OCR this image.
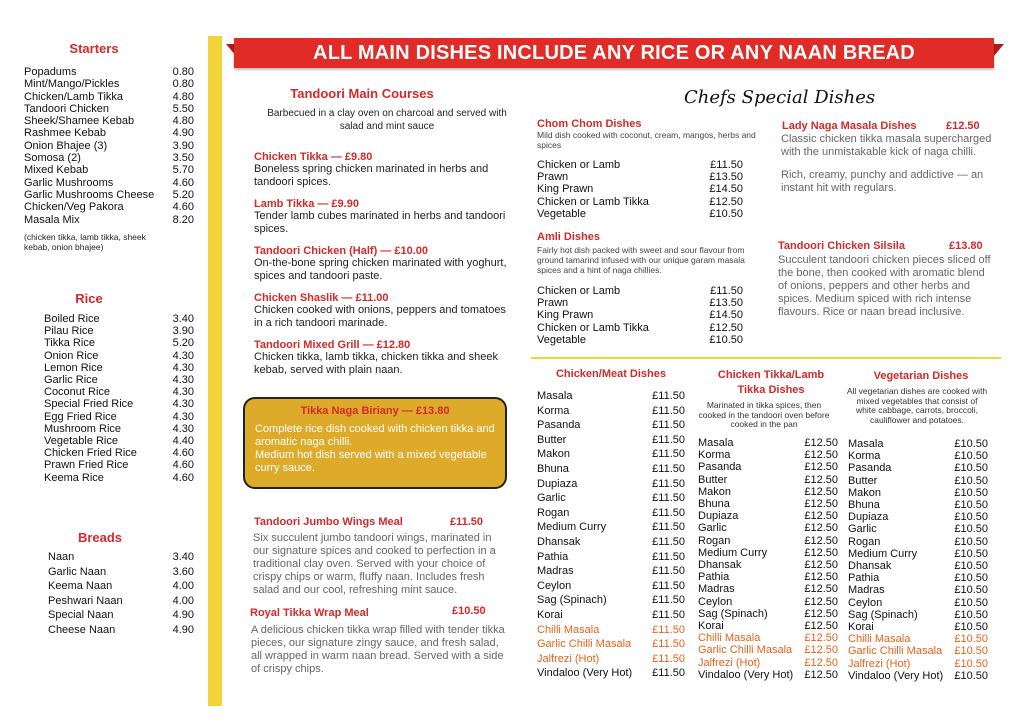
Starters
Popadums	0.80
Mint/Mango/Pickles	0.80
Chicken/Lamb Tikka	4.80
Tandoori Chicken	5.50
Sheek/Shamee Kebab	4.80
Rashmee Kebab	4.90
Onion Bhajee (3)	3.90
Somosa (2)	3.50
Mixed Kebab	5.70
Garlic Mushrooms	4.60
Garlic Mushrooms Cheese 5.20
Chicken/Veg Pakora	4.60
Masala Mix	8.20
(chicken tikka, lamb tikka, sheek kebab, onion bhajee)
Rice
Boiled Rice	3.40
Pilau Rice	3.90
Tikka Rice	5.20
Onion Rice	4.30
Lemon Rice	4.30
Garlic Rice	4.30
Coconut Rice	4.30
Special Fried Rice	4.30
Egg Fried Rice	4.30
Mushroom Rice	4.30
Vegetable Rice	4.40
Chicken Fried Rice	4.60
Prawn Fried Rice	4.60
Keema Rice	4.60
Breads
Naan	3.40
Garlic Naan	3.60
Keema Naan	4.00
Peshwari Naan	4.00
Special Naan	4.90
Cheese Naan	4.90
ALL MAIN DISHES INCLUDE ANY RICE OR ANY NAAN BREAD
Tandoori Main Courses
Barbecued in a clay oven on charcoal and served with salad and mint sauce
Chicken Tikka — £9.80
Boneless spring chicken marinated in herbs and tandoori spices.
Lamb Tikka — £9.90
Tender lamb cubes marinated in herbs and tandoori spices.
Tandoori Chicken (Half) — £10.00
On-the-bone spring chicken marinated with yoghurt, spices and tandoori paste.
Chicken Shaslik — £11.00
Chicken cooked with onions, peppers and tomatoes in a rich tandoori marinade.
Tandoori Mixed Grill — £12.80
Chicken tikka, lamb tikka, chicken tikka and sheek kebab, served with plain naan.
Tikka Naga Biriany — £13.80
Complete rice dish cooked with chicken tikka and aromatic naga chilli.
Medium hot dish served with a mixed vegetable curry sauce.
Tandoori Jumbo Wings Meal	£11.50
Six succulent jumbo tandoori wings, marinated in our signature spices and cooked to perfection in a traditional clay oven. Served with your choice of crispy chips or warm, fluffy naan. Includes fresh salad and our cool, refreshing mint sauce.
Royal Tikka Wrap Meal	£10.50
A delicious chicken tikka wrap filled with tender tikka pieces, our signature zingy sauce, and fresh salad, all wrapped in warm naan bread. Served with a side of crispy chips.
Chefs Special Dishes
Chom Chom Dishes
Mild dish cooked with coconut, cream, mangos, herbs and spices
Chicken or Lamb	£11.50
Prawn	£13.50
King Prawn	£14.50
Chicken or Lamb Tikka	£12.50
Vegetable	£10.50
Amli Dishes
Fairly hot dish packed with sweet and sour flavour from ground tamarind infused with our unique garam masala spices and a hint of naga chillies.
Chicken or Lamb	£11.50
Prawn	£13.50
King Prawn	£14.50
Chicken or Lamb Tikka	£12.50
Vegetable	£10.50
Lady Naga Masala Dishes	£12.50
Classic chicken tikka masala supercharged with the unmistakable kick of naga chilli.
Rich, creamy, punchy and addictive — an instant hit with regulars.
Tandoori Chicken Silsila	£13.80
Succulent tandoori chicken pieces sliced off the bone, then cooked with aromatic blend of onions, peppers and other herbs and spices. Medium spiced with rich intense flavours. Rice or naan bread inclusive.
Chicken/Meat Dishes
Masala	£11.50
Korma	£11.50
Pasanda	£11.50
Butter	£11.50
Makon	£11.50
Bhuna	£11.50
Dupiaza	£11.50
Garlic	£11.50
Rogan	£11.50
Medium Curry	£11.50
Dhansak	£11.50
Pathia	£11.50
Madras	£11.50
Ceylon	£11.50
Sag (Spinach)	£11.50
Korai	£11.50
Chilli Masala	£11.50
Garlic Chilli Masala £11.50
Jalfrezi (Hot)	£11.50
Vindaloo (Very Hot) £11.50
Chicken Tikka/Lamb
Tikka Dishes
Marinated in tikka spices, then cooked in the tandoori oven before cooked in the pan
Masala	£12.50
Korma	£12.50
Pasanda	£12.50
Butter	£12.50
Makon	£12.50
Bhuna	£12.50
Dupiaza	£12.50
Garlic	£12.50
Rogan	£12.50
Medium Curry	£12.50
Dhansak	£12.50
Pathia	£12.50
Madras	£12.50
Ceylon	£12.50
Sag (Spinach)	£12.50
Korai	£12.50
Chilli Masala	£12.50
Garlic Chilli Masala £12.50
Jalfrezi (Hot)	£12.50
Vindaloo (Very Hot) £12.50
Vegetarian Dishes
All vegetarian dishes are cooked with mixed vegetables that consist of white cabbage, carrots, broccoli, cauliflower and potatoes.
Masala	£10.50
Korma	£10.50
Pasanda	£10.50
Butter	£10.50
Makon	£10.50
Bhuna	£10.50
Dupiaza	£10.50
Garlic	£10.50
Rogan	£10.50
Medium Curry	£10.50
Dhansak	£10.50
Pathia	£10.50
Madras	£10.50
Ceylon	£10.50
Sag (Spinach)	£10.50
Korai	£10.50
Chilli Masala	£10.50
Garlic Chilli Masala £10.50
Jalfrezi (Hot)	£10.50
Vindaloo (Very Hot) £10.50
